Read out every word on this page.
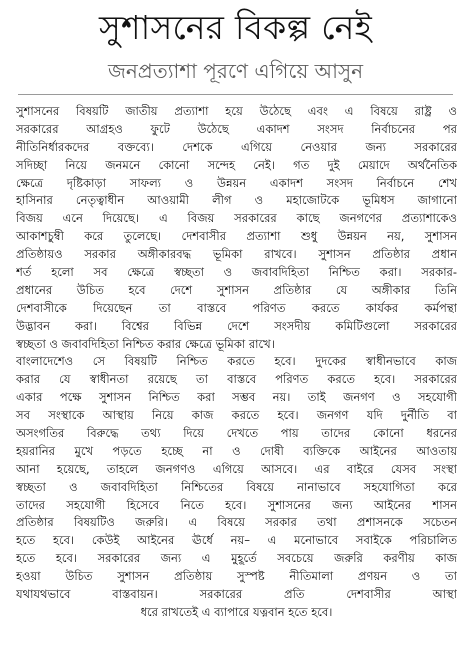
সুশাসনের বিকল্প নেই
জনপ্রত্যাশা পূরণে এগিয়ে আসুন
সুশাসনের বিষয়টি জাতীয় প্রত্যাশা হয়ে উঠেছে এবং এ বিষয়ে রাষ্ট্র ও
সরকারের আগ্রহও ফুটে উঠেছে একাদশ সংসদ নির্বাচনের পর
নীতিনির্ধারকদের বক্তব্যে। দেশকে এগিয়ে নেওয়ার জন্য সরকারের
সদিচ্ছা নিয়ে জনমনে কোনো সন্দেহ নেই। গত দুই মেয়াদে অর্থনৈতিক
ক্ষেত্রে দৃষ্টিকাড়া সাফল্য ও উন্নয়ন একাদশ সংসদ নির্বাচনে শেখ
হাসিনার নেতৃত্বাধীন আওয়ামী লীগ ও মহাজোটকে ভূমিধস জাগানো
বিজয় এনে দিয়েছে। এ বিজয় সরকারের কাছে জনগণের প্রত্যাশাকেও
আকাশচুম্বী করে তুলেছে। দেশবাসীর প্রত্যাশা শুধু উন্নয়ন নয়, সুশাসন
প্রতিষ্ঠায়ও সরকার অঙ্গীকারবদ্ধ ভূমিকা রাখবে। সুশাসন প্রতিষ্ঠার প্রধান
শর্ত হলো সব ক্ষেত্রে স্বচ্ছতা ও জবাবদিহিতা নিশ্চিত করা। সরকার-
প্রধানের উচিত হবে দেশে সুশাসন প্রতিষ্ঠার যে অঙ্গীকার তিনি
দেশবাসীকে দিয়েছেন তা বাস্তবে পরিণত করতে কার্যকর কর্মপন্থা
উদ্ভাবন করা। বিশ্বের বিভিন্ন দেশে সংসদীয় কমিটিগুলো সরকারের
স্বচ্ছতা ও জবাবদিহিতা নিশ্চিত করার ক্ষেত্রে ভূমিকা রাখে।
বাংলাদেশেও সে বিষয়টি নিশ্চিত করতে হবে। দুদকের স্বাধীনভাবে কাজ
করার যে স্বাধীনতা রয়েছে তা বাস্তবে পরিণত করতে হবে। সরকারের
একার পক্ষে সুশাসন নিশ্চিত করা সম্ভব নয়। তাই জনগণ ও সহযোগী
সব সংস্থাকে আস্থায় নিয়ে কাজ করতে হবে। জনগণ যদি দুর্নীতি বা
অসংগতির বিরুদ্ধে তথ্য দিয়ে দেখতে পায় তাদের কোনো ধরনের
হয়রানির মুখে পড়তে হচ্ছে না ও দোষী ব্যক্তিকে আইনের আওতায়
আনা হয়েছে, তাহলে জনগণও এগিয়ে আসবে। এর বাইরে যেসব সংস্থা
স্বচ্ছতা ও জবাবদিহিতা নিশ্চিতের বিষয়ে নানাভাবে সহযোগিতা করে
তাদের সহযোগী হিসেবে নিতে হবে। সুশাসনের জন্য আইনের শাসন
প্রতিষ্ঠার বিষয়টিও জরুরি। এ বিষয়ে সরকার তথা প্রশাসনকে সচেতন
হতে হবে। কেউই আইনের ঊর্ধে নয়– এ মনোভাবে সবাইকে পরিচালিত
হতে হবে। সরকারের জন্য এ মুহূর্তে সবচেয়ে জরুরি করণীয় কাজ
হওয়া উচিত সুশাসন প্রতিষ্ঠায় সুস্পষ্ট নীতিমালা প্রণয়ন ও তা
যথাযথভাবে বাস্তবায়ন। সরকারের প্রতি দেশবাসীর আস্থা
ধরে রাখতেই এ ব্যাপারে যত্নবান হতে হবে।
